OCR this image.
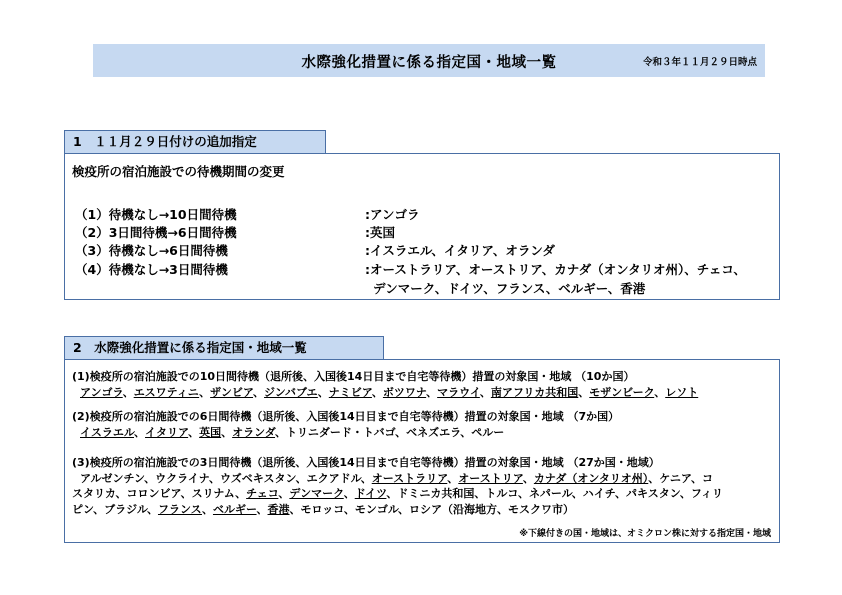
水際強化措置に係る指定国・地域一覧	令和３年１１月２９日時点
1　１１月２９日付けの追加指定
検疫所の宿泊施設での待機期間の変更
（1）待機なし→10日間待機	:アンゴラ
（2）3日間待機→6日間待機	:英国
（3）待機なし→6日間待機	:イスラエル、イタリア、オランダ
（4）待機なし→3日間待機	:オーストラリア、オーストリア、カナダ（オンタリオ州）、チェコ、
デンマーク、ドイツ、フランス、ベルギー、香港
2　水際強化措置に係る指定国・地域一覧
(1)検疫所の宿泊施設での10日間待機（退所後、入国後14日目まで自宅等待機）措置の対象国・地域 （10か国）
アンゴラ、エスワティニ、ザンビア、ジンバブエ、ナミビア、ボツワナ、マラウイ、南アフリカ共和国、モザンビーク、レソト
(2)検疫所の宿泊施設での6日間待機（退所後、入国後14日目まで自宅等待機）措置の対象国・地域 （7か国）
イスラエル、イタリア、英国、オランダ、トリニダード・トバゴ、ベネズエラ、ペルー
(3)検疫所の宿泊施設での3日間待機（退所後、入国後14日目まで自宅等待機）措置の対象国・地域 （27か国・地域）
アルゼンチン、ウクライナ、ウズベキスタン、エクアドル、オーストラリア、オーストリア、カナダ（オンタリオ州）、ケニア、コ
スタリカ、コロンビア、スリナム、チェコ、デンマーク、ドイツ、ドミニカ共和国、トルコ、ネパール、ハイチ、パキスタン、フィリ
ピン、ブラジル、フランス、ベルギー、香港、モロッコ、モンゴル、ロシア（沿海地方、モスクワ市）
※下線付きの国・地域は、オミクロン株に対する指定国・地域
